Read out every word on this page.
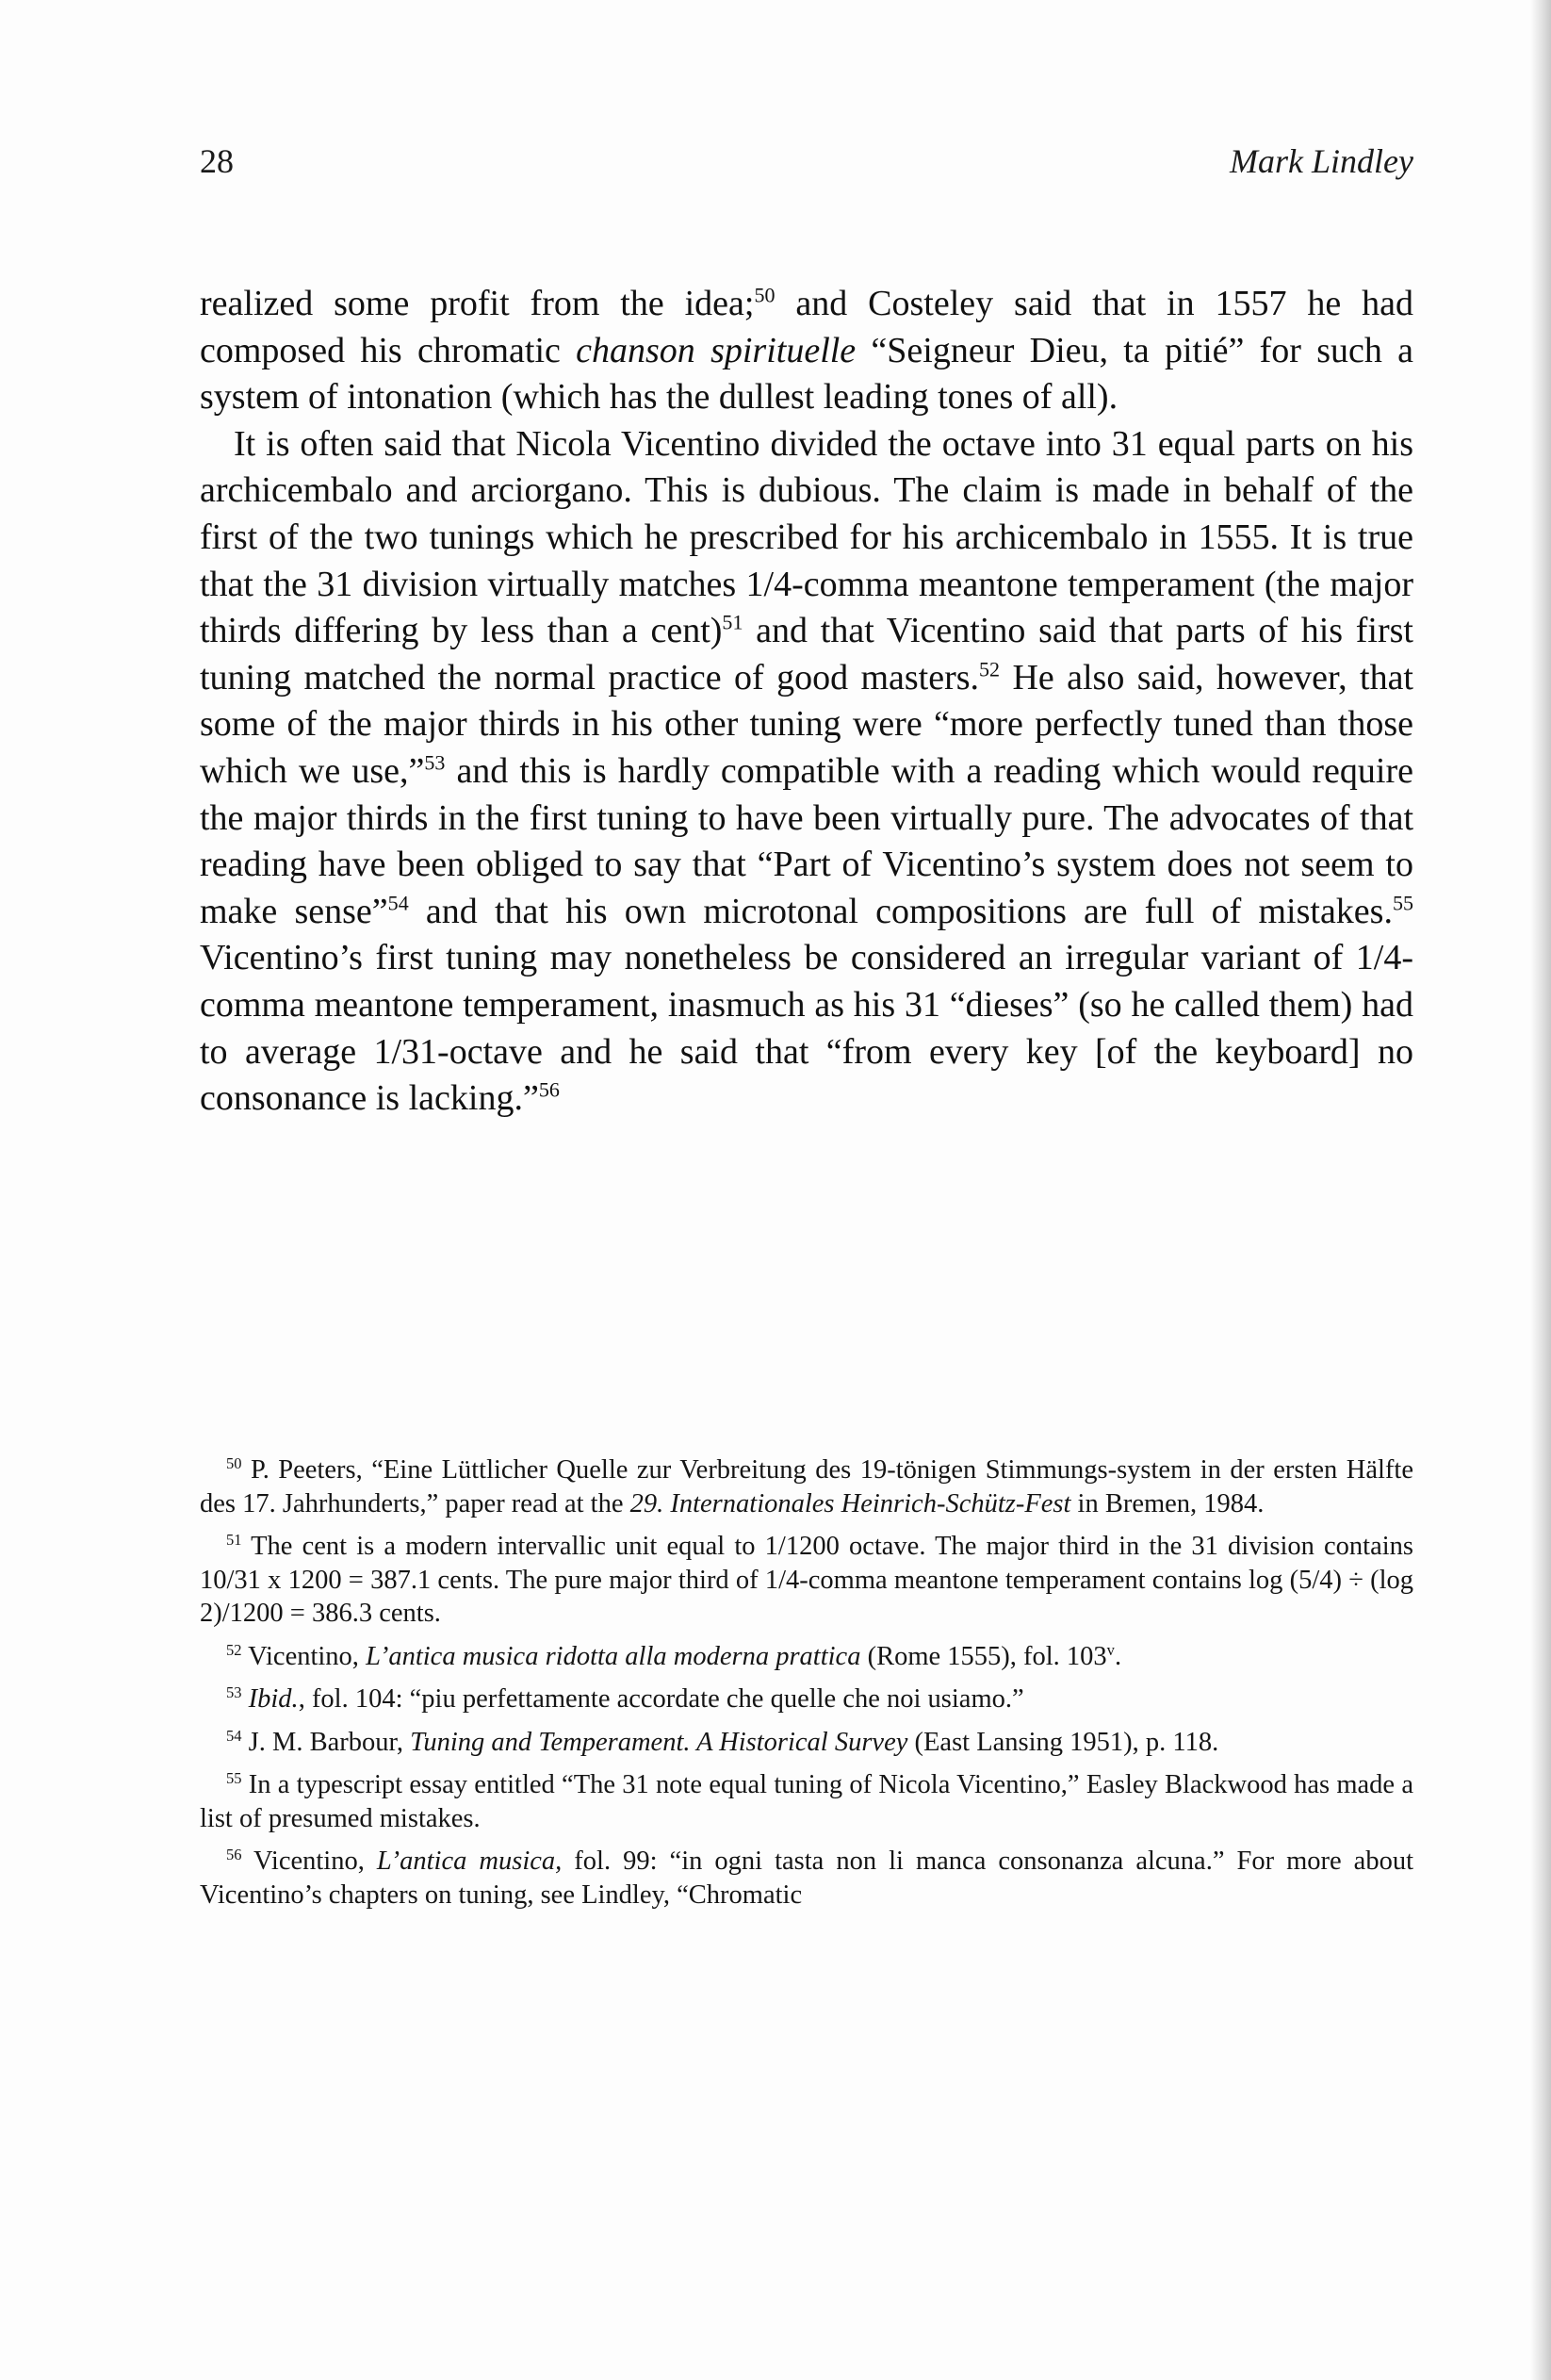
28	Mark Lindley

realized some profit from the idea;$^{50}$ and Costeley said that in 1557 he had composed his chromatic chanson spirituelle “Seigneur Dieu, ta pitié” for such a system of intonation (which has the dullest leading tones of all).

It is often said that Nicola Vicentino divided the octave into 31 equal parts on his archicembalo and arciorgano. This is dubious. The claim is made in behalf of the first of the two tunings which he prescribed for his archicembalo in 1555. It is true that the 31 division virtually matches 1/4-comma meantone temperament (the major thirds differing by less than a cent)$^{51}$ and that Vicentino said that parts of his first tuning matched the normal practice of good masters.$^{52}$ He also said, however, that some of the major thirds in his other tuning were “more perfectly tuned than those which we use,”$^{53}$ and this is hardly compatible with a reading which would require the major thirds in the first tuning to have been virtually pure. The advocates of that reading have been obliged to say that “Part of Vicentino’s system does not seem to make sense”$^{54}$ and that his own microtonal compositions are full of mistakes.$^{55}$ Vicentino’s first tuning may nonetheless be considered an irregular variant of 1/4-comma meantone temperament, inasmuch as his 31 “dieses” (so he called them) had to average 1/31-octave and he said that “from every key [of the keyboard] no consonance is lacking.”$^{56}$

$^{50}$ P. Peeters, “Eine Lüttlicher Quelle zur Verbreitung des 19-tönigen Stimmungs-system in der ersten Hälfte des 17. Jahrhunderts,” paper read at the 29. Internationales Heinrich-Schütz-Fest in Bremen, 1984.

$^{51}$ The cent is a modern intervallic unit equal to 1/1200 octave. The major third in the 31 division contains 10/31 x 1200 = 387.1 cents. The pure major third of 1/4-comma meantone temperament contains log (5/4) ÷ (log 2)/1200 = 386.3 cents.

$^{52}$ Vicentino, L’antica musica ridotta alla moderna prattica (Rome 1555), fol. 103$^v$.

$^{53}$ Ibid., fol. 104: “piu perfettamente accordate che quelle che noi usiamo.”

$^{54}$ J. M. Barbour, Tuning and Temperament. A Historical Survey (East Lansing 1951), p. 118.

$^{55}$ In a typescript essay entitled “The 31 note equal tuning of Nicola Vicentino,” Easley Blackwood has made a list of presumed mistakes.

$^{56}$ Vicentino, L’antica musica, fol. 99: “in ogni tasta non li manca consonanza alcuna.” For more about Vicentino’s chapters on tuning, see Lindley, “Chromatic
